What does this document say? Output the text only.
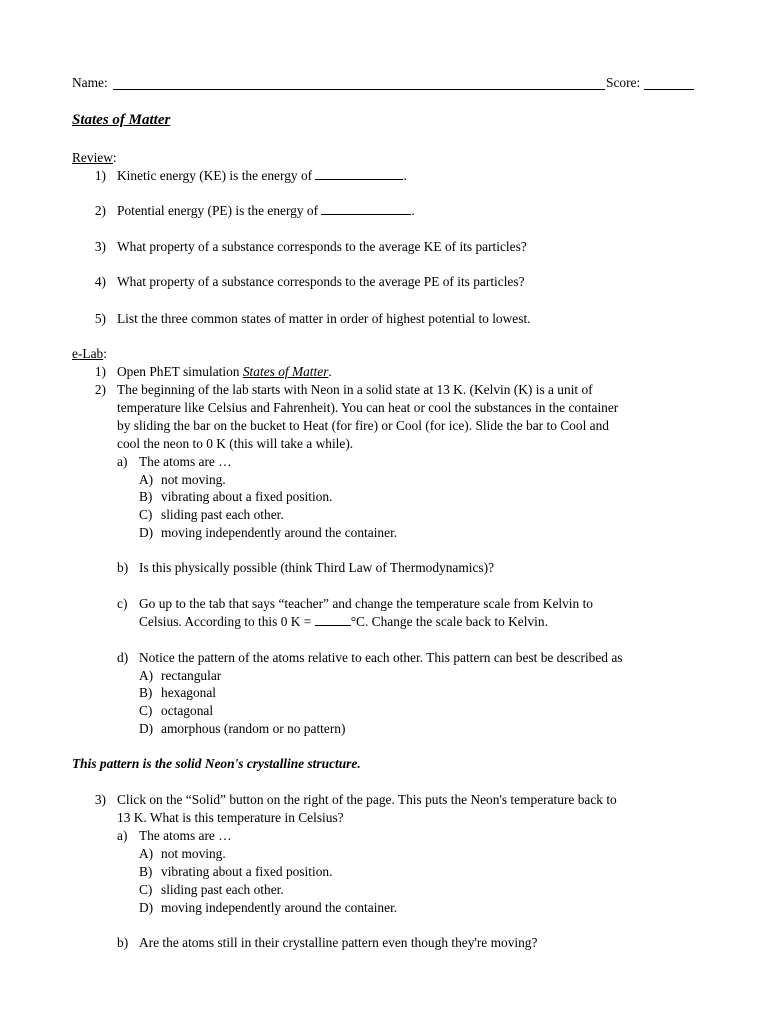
Name:	Score:
States of Matter
Review:
1) Kinetic energy (KE) is the energy of	.
2) Potential energy (PE) is the energy of	.
3) What property of a substance corresponds to the average KE of its particles?
4) What property of a substance corresponds to the average PE of its particles?
5) List the three common states of matter in order of highest potential to lowest.
e-Lab:
1) Open PhET simulation States of Matter.
2) The beginning of the lab starts with Neon in a solid state at 13 K. (Kelvin (K) is a unit of
temperature like Celsius and Fahrenheit). You can heat or cool the substances in the container
by sliding the bar on the bucket to Heat (for fire) or Cool (for ice). Slide the bar to Cool and
cool the neon to 0 K (this will take a while).
a) The atoms are …
A) not moving.
B) vibrating about a fixed position.
C) sliding past each other.
D) moving independently around the container.
b) Is this physically possible (think Third Law of Thermodynamics)?
c) Go up to the tab that says “teacher” and change the temperature scale from Kelvin to
Celsius. According to this 0 K =	°C. Change the scale back to Kelvin.
d) Notice the pattern of the atoms relative to each other. This pattern can best be described as
A) rectangular
B) hexagonal
C) octagonal
D) amorphous (random or no pattern)
This pattern is the solid Neon's crystalline structure.
3) Click on the “Solid” button on the right of the page. This puts the Neon's temperature back to
13 K. What is this temperature in Celsius?
a) The atoms are …
A) not moving.
B) vibrating about a fixed position.
C) sliding past each other.
D) moving independently around the container.
b) Are the atoms still in their crystalline pattern even though they're moving?
